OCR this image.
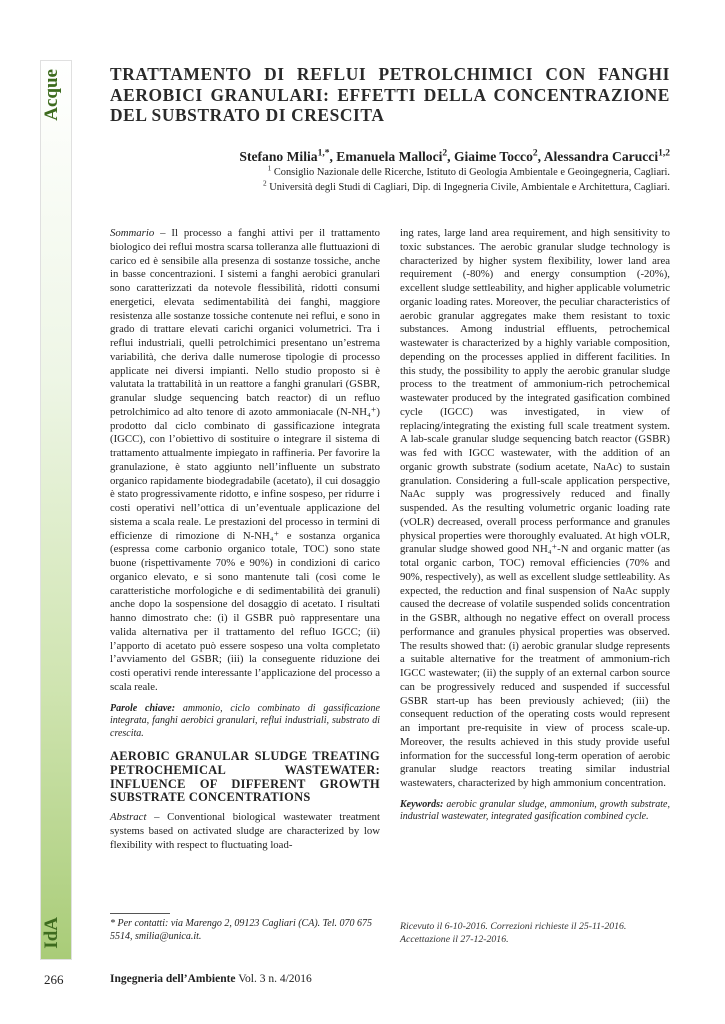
Acque
IdA
TRATTAMENTO DI REFLUI PETROLCHIMICI CON FANGHI AEROBICI GRANULARI: EFFETTI DELLA CONCENTRAZIONE DEL SUBSTRATO DI CRESCITA
Stefano Milia$^{1,*}$, Emanuela Malloci$^2$, Giaime Tocco$^2$, Alessandra Carucci$^{1,2}$
$^1$ Consiglio Nazionale delle Ricerche, Istituto di Geologia Ambientale e Geoingegneria, Cagliari.
$^2$ Università degli Studi di Cagliari, Dip. di Ingegneria Civile, Ambientale e Architettura, Cagliari.

Sommario – Il processo a fanghi attivi per il trattamento biologico dei reflui mostra scarsa tolleranza alle fluttuazioni di carico ed è sensibile alla presenza di sostanze tossiche, anche in basse concentrazioni. I sistemi a fanghi aerobici granulari sono caratterizzati da notevole flessibilità, ridotti consumi energetici, elevata sedimentabilità dei fanghi, maggiore resistenza alle sostanze tossiche contenute nei reflui, e sono in grado di trattare elevati carichi organici volumetrici. Tra i reflui industriali, quelli petrolchimici presentano un’estrema variabilità, che deriva dalle numerose tipologie di processo applicate nei diversi impianti. Nello studio proposto si è valutata la trattabilità in un reattore a fanghi granulari (GSBR, granular sludge sequencing batch reactor) di un refluo petrolchimico ad alto tenore di azoto ammoniacale (N-NH₄⁺) prodotto dal ciclo combinato di gassificazione integrata (IGCC), con l’obiettivo di sostituire o integrare il sistema di trattamento attualmente impiegato in raffineria. Per favorire la granulazione, è stato aggiunto nell’influente un substrato organico rapidamente biodegradabile (acetato), il cui dosaggio è stato progressivamente ridotto, e infine sospeso, per ridurre i costi operativi nell’ottica di un’eventuale applicazione del sistema a scala reale. Le prestazioni del processo in termini di efficienze di rimozione di N-NH₄⁺ e sostanza organica (espressa come carbonio organico totale, TOC) sono state buone (rispettivamente 70% e 90%) in condizioni di carico organico elevato, e si sono mantenute tali (così come le caratteristiche morfologiche e di sedimentabilità dei granuli) anche dopo la sospensione del dosaggio di acetato. I risultati hanno dimostrato che: (i) il GSBR può rappresentare una valida alternativa per il trattamento del refluo IGCC; (ii) l’apporto di acetato può essere sospeso una volta completato l’avviamento del GSBR; (iii) la conseguente riduzione dei costi operativi rende interessante l’applicazione del processo a scala reale.

Parole chiave: ammonio, ciclo combinato di gassificazione integrata, fanghi aerobici granulari, reflui industriali, substrato di crescita.

AEROBIC GRANULAR SLUDGE TREATING PETROCHEMICAL WASTEWATER: INFLUENCE OF DIFFERENT GROWTH SUBSTRATE CONCENTRATIONS

Abstract – Conventional biological wastewater treatment systems based on activated sludge are characterized by low flexibility with respect to fluctuating load-

ing rates, large land area requirement, and high sensitivity to toxic substances. The aerobic granular sludge technology is characterized by higher system flexibility, lower land area requirement (-80%) and energy consumption (-20%), excellent sludge settleability, and higher applicable volumetric organic loading rates. Moreover, the peculiar characteristics of aerobic granular aggregates make them resistant to toxic substances. Among industrial effluents, petrochemical wastewater is characterized by a highly variable composition, depending on the processes applied in different facilities. In this study, the possibility to apply the aerobic granular sludge process to the treatment of ammonium-rich petrochemical wastewater produced by the integrated gasification combined cycle (IGCC) was investigated, in view of replacing/integrating the existing full scale treatment system. A lab-scale granular sludge sequencing batch reactor (GSBR) was fed with IGCC wastewater, with the addition of an organic growth substrate (sodium acetate, NaAc) to sustain granulation. Considering a full-scale application perspective, NaAc supply was progressively reduced and finally suspended. As the resulting volumetric organic loading rate (vOLR) decreased, overall process performance and granules physical properties were thoroughly evaluated. At high vOLR, granular sludge showed good NH₄⁺-N and organic matter (as total organic carbon, TOC) removal efficiencies (70% and 90%, respectively), as well as excellent sludge settleability. As expected, the reduction and final suspension of NaAc supply caused the decrease of volatile suspended solids concentration in the GSBR, although no negative effect on overall process performance and granules physical properties was observed. The results showed that: (i) aerobic granular sludge represents a suitable alternative for the treatment of ammonium-rich IGCC wastewater; (ii) the supply of an external carbon source can be progressively reduced and suspended if successful GSBR start-up has been previously achieved; (iii) the consequent reduction of the operating costs would represent an important pre-requisite in view of process scale-up. Moreover, the results achieved in this study provide useful information for the successful long-term operation of aerobic granular sludge reactors treating similar industrial wastewaters, characterized by high ammonium concentration.

Keywords: aerobic granular sludge, ammonium, growth substrate, industrial wastewater, integrated gasification combined cycle.

* Per contatti: via Marengo 2, 09123 Cagliari (CA). Tel. 070 675 5514, smilia@unica.it.
Ricevuto il 6-10-2016. Correzioni richieste il 25-11-2016. Accettazione il 27-12-2016.
266	Ingegneria dell’Ambiente Vol. 3 n. 4/2016
